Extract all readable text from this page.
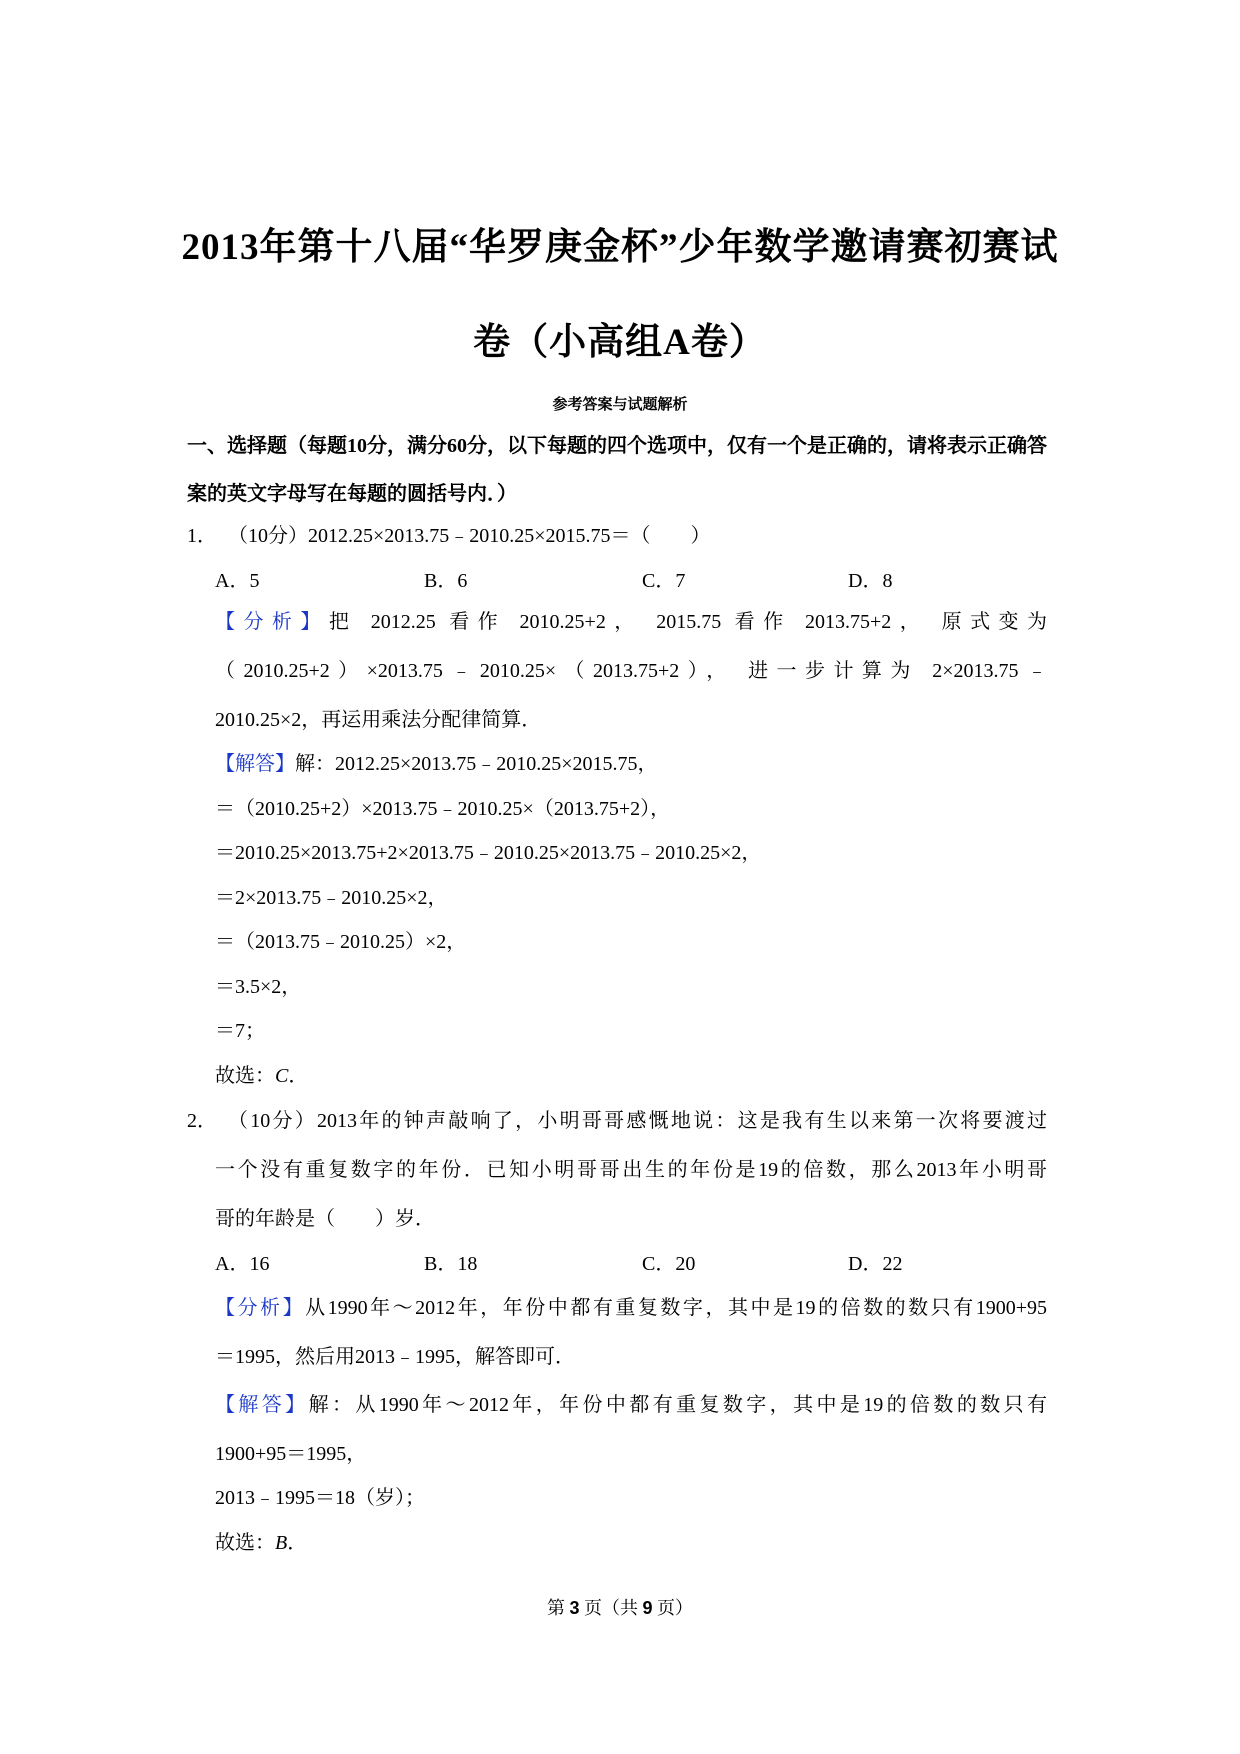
2013年第十八届“华罗庚金杯”少年数学邀请赛初赛试
卷（小高组A卷）
参考答案与试题解析
一、选择题（每题10分，满分60分，以下每题的四个选项中，仅有一个是正确的，请将表示正确答案的英文字母写在每题的圆括号内．）
1． （10分）2012.25×2013.75﹣2010.25×2015.75＝（　　）
A．5	B．6	C．7	D．8
【分析】把 2012.25 看作 2010.25+2， 2015.75 看作 2013.75+2， 原式变为
（2010.25+2）×2013.75﹣2010.25×（2013.75+2）， 进一步计算为 2×2013.75﹣
2010.25×2，再运用乘法分配律简算．
【解答】解：2012.25×2013.75﹣2010.25×2015.75，
＝（2010.25+2）×2013.75﹣2010.25×（2013.75+2），
＝2010.25×2013.75+2×2013.75﹣2010.25×2013.75﹣2010.25×2，
＝2×2013.75﹣2010.25×2，
＝（2013.75﹣2010.25）×2，
＝3.5×2，
＝7；
故选：C．
2． （10分）2013年的钟声敲响了，小明哥哥感慨地说：这是我有生以来第一次将要渡过
一个没有重复数字的年份．已知小明哥哥出生的年份是19的倍数，那么2013年小明哥
哥的年龄是（　　）岁．
A．16	B．18	C．20	D．22
【分析】从1990年～2012年，年份中都有重复数字，其中是19的倍数的数只有1900+95
＝1995，然后用2013﹣1995，解答即可．
【解答】解：从1990年～2012年，年份中都有重复数字，其中是19的倍数的数只有
1900+95＝1995，
2013﹣1995＝18（岁）；
故选：B．
第 3 页（共 9 页）
